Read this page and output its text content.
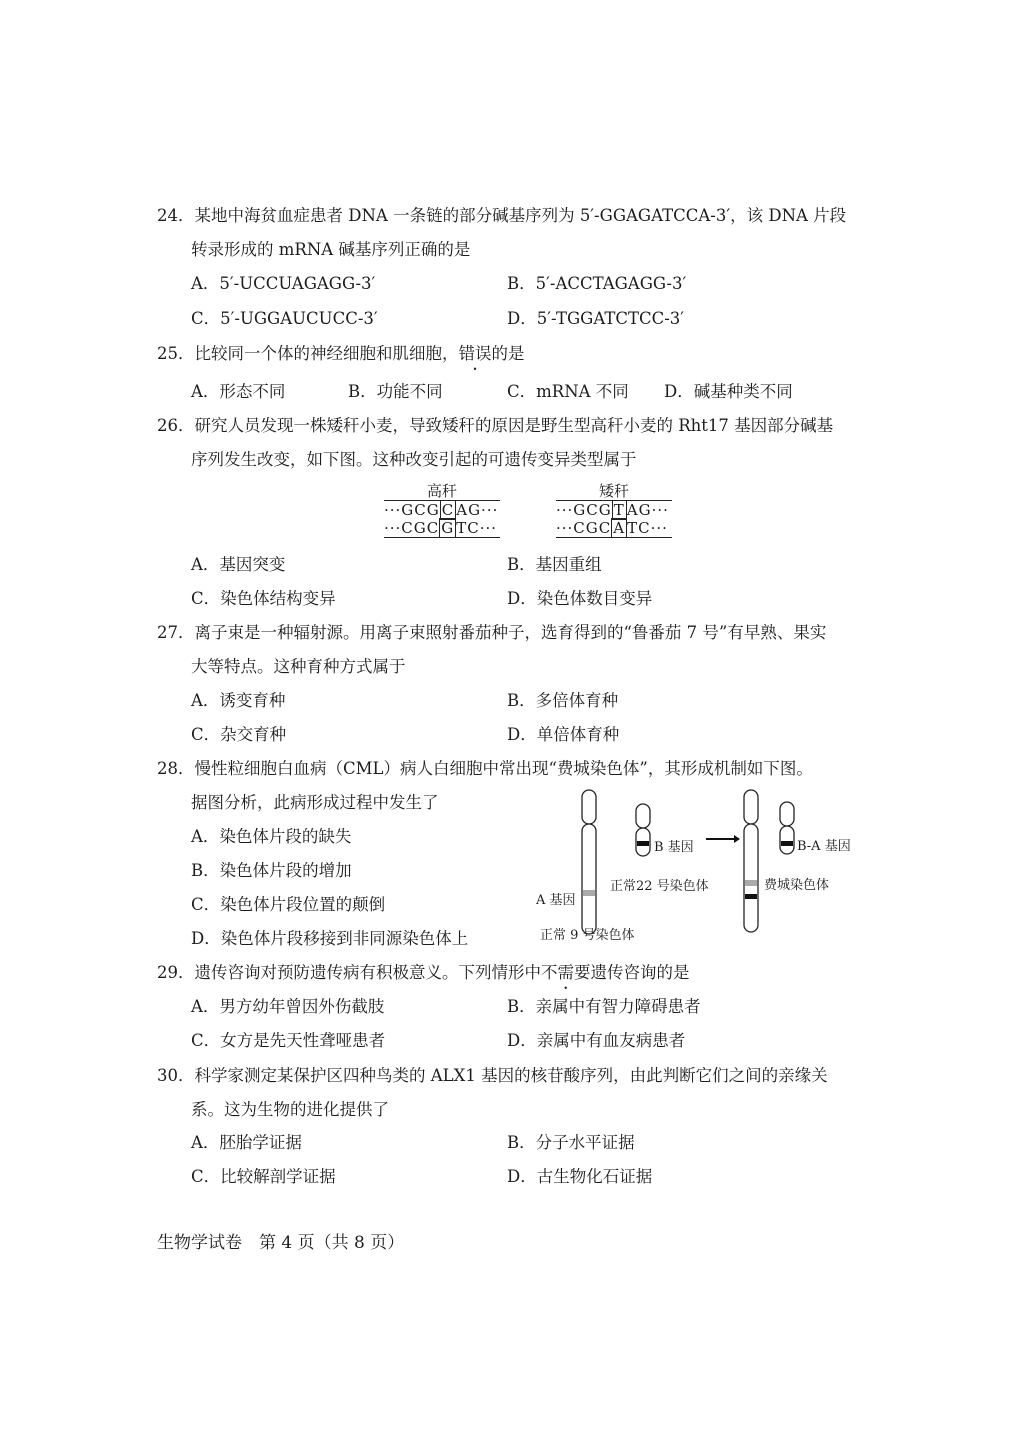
24．某地中海贫血症患者 DNA 一条链的部分碱基序列为 5′-GGAGATCCA-3′，该 DNA 片段
转录形成的 mRNA 碱基序列正确的是
A．5′-UCCUAGAGG-3′	B．5′-ACCTAGAGG-3′
C．5′-UGGAUCUCC-3′	D．5′-TGGATCTCC-3′
25．比较同一个体的神经细胞和肌细胞，错误的是
A．形态不同	B．功能不同	C．mRNA 不同 D．碱基种类不同
26．研究人员发现一株矮秆小麦，导致矮秆的原因是野生型高秆小麦的 Rht17 基因部分碱基
序列发生改变，如下图。这种改变引起的可遗传变异类型属于
高秆
···GCG C AG···
···CGC G TC···
矮秆
···GCG T AG···
···CGC A TC···
A．基因突变	B．基因重组
C．染色体结构变异	D．染色体数目变异
27．离子束是一种辐射源。用离子束照射番茄种子，选育得到的“鲁番茄 7 号”有早熟、果实
大等特点。这种育种方式属于
A．诱变育种	B．多倍体育种
C．杂交育种	D．单倍体育种
28．慢性粒细胞白血病（CML）病人白细胞中常出现“费城染色体”，其形成机制如下图。
据图分析，此病形成过程中发生了
A．染色体片段的缺失
B．染色体片段的增加
C．染色体片段位置的颠倒
D．染色体片段移接到非同源染色体上
A 基因
正常 9 号染色体
B 基因
正常22 号染色体
B-A 基因
费城染色体
29．遗传咨询对预防遗传病有积极意义。下列情形中不需要遗传咨询的是
A．男方幼年曾因外伤截肢	B．亲属中有智力障碍患者
C．女方是先天性聋哑患者	D．亲属中有血友病患者
30．科学家测定某保护区四种鸟类的 ALX1 基因的核苷酸序列，由此判断它们之间的亲缘关
系。这为生物的进化提供了
A．胚胎学证据	B．分子水平证据
C．比较解剖学证据	D．古生物化石证据
生物学试卷　第 4 页（共 8 页）
